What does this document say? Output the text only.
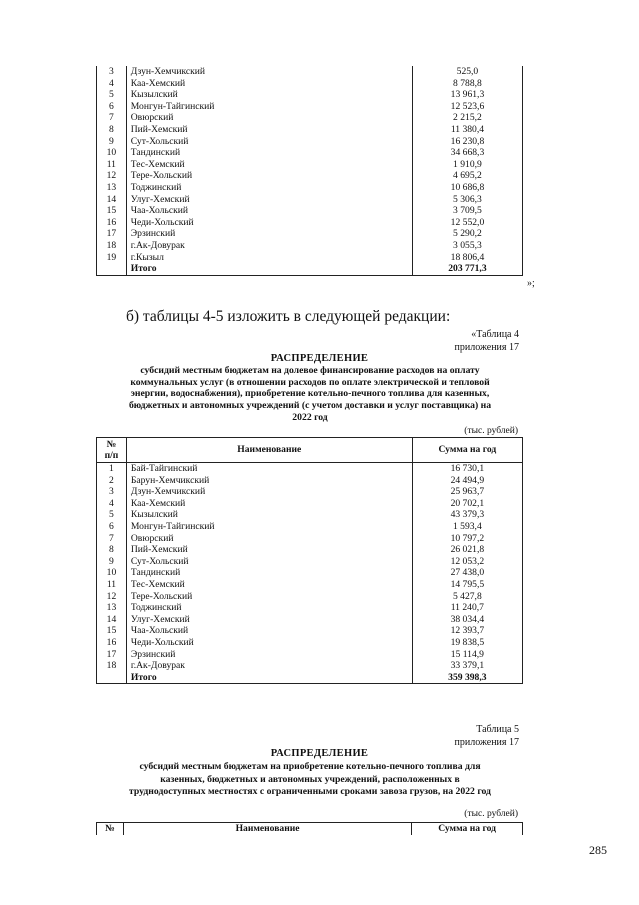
3	Дзун-Хемчикский	525,0
4	Каа-Хемский	8 788,8
5	Кызылский	13 961,3
6	Монгун-Тайгинский	12 523,6
7	Овюрский	2 215,2
8	Пий-Хемский	11 380,4
9	Сут-Хольский	16 230,8
10	Тандинский	34 668,3
11	Тес-Хемский	1 910,9
12	Тере-Хольский	4 695,2
13	Тоджинский	10 686,8
14	Улуг-Хемский	5 306,3
15	Чаа-Хольский	3 709,5
16	Чеди-Хольский	12 552,0
17	Эрзинский	5 290,2
18	г.Ак-Довурак	3 055,3
19	г.Кызыл	18 806,4
	Итого	203 771,3
»;
б) таблицы 4-5 изложить в следующей редакции:
«Таблица 4
приложения 17
РАСПРЕДЕЛЕНИЕ
субсидий местным бюджетам на долевое финансирование расходов на оплату
коммунальных услуг (в отношении расходов по оплате электрической и тепловой
энергии, водоснабжения), приобретение котельно-печного топлива для казенных,
бюджетных и автономных учреждений (с учетом доставки и услуг поставщика) на
2022 год
(тыс. рублей)
№
п/п	Наименование	Сумма на год
1	Бай-Тайгинский	16 730,1
2	Барун-Хемчикский	24 494,9
3	Дзун-Хемчикский	25 963,7
4	Каа-Хемский	20 702,1
5	Кызылский	43 379,3
6	Монгун-Тайгинский	1 593,4
7	Овюрский	10 797,2
8	Пий-Хемский	26 021,8
9	Сут-Хольский	12 053,2
10	Тандинский	27 438,0
11	Тес-Хемский	14 795,5
12	Тере-Хольский	5 427,8
13	Тоджинский	11 240,7
14	Улуг-Хемский	38 034,4
15	Чаа-Хольский	12 393,7
16	Чеди-Хольский	19 838,5
17	Эрзинский	15 114,9
18	г.Ак-Довурак	33 379,1
	Итого	359 398,3
Таблица 5
приложения 17
РАСПРЕДЕЛЕНИЕ
субсидий местным бюджетам на приобретение котельно-печного топлива для
казенных, бюджетных и автономных учреждений, расположенных в
труднодоступных местностях с ограниченными сроками завоза грузов, на 2022 год
(тыс. рублей)
№	Наименование	Сумма на год
285
